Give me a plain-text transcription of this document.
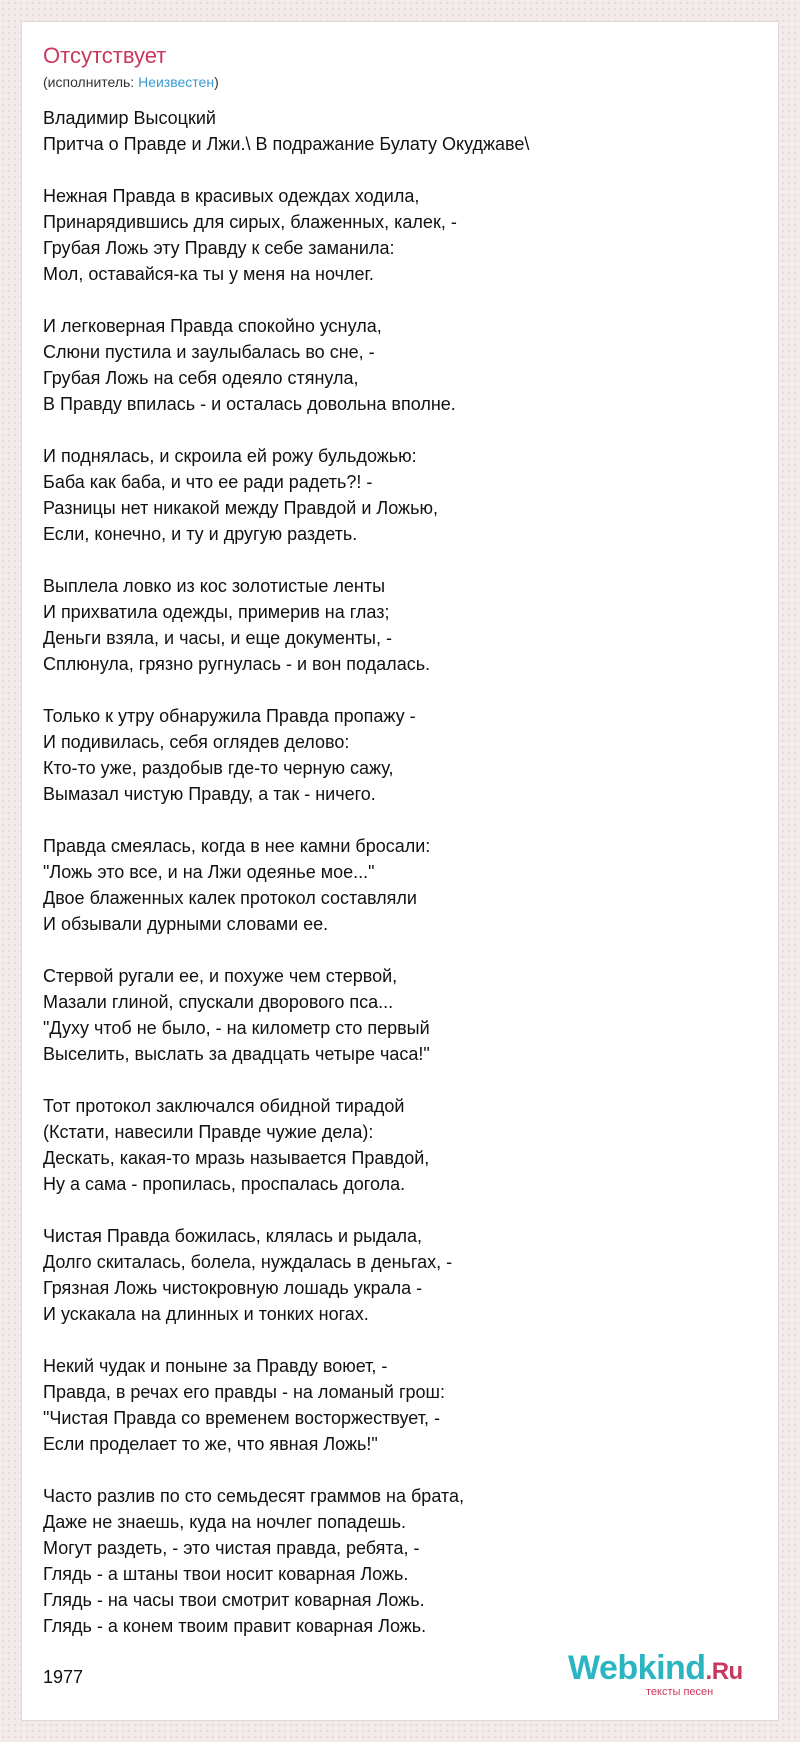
Отсутствует
(исполнитель: Неизвестен)
Владимир Высоцкий
Притча о Правде и Лжи.\ В подражание Булату Окуджаве\
Нежная Правда в красивых одеждах ходила,
Принарядившись для сирых, блаженных, калек, -
Грубая Ложь эту Правду к себе заманила:
Мол, оставайся-ка ты у меня на ночлег.
И легковерная Правда спокойно уснула,
Слюни пустила и заулыбалась во сне, -
Грубая Ложь на себя одеяло стянула,
В Правду впилась - и осталась довольна вполне.
И поднялась, и скроила ей рожу бульдожью:
Баба как баба, и что ее ради радеть?! -
Разницы нет никакой между Правдой и Ложью,
Если, конечно, и ту и другую раздеть.
Выплела ловко из кос золотистые ленты
И прихватила одежды, примерив на глаз;
Деньги взяла, и часы, и еще документы, -
Сплюнула, грязно ругнулась - и вон подалась.
Только к утру обнаружила Правда пропажу -
И подивилась, себя оглядев делово:
Кто-то уже, раздобыв где-то черную сажу,
Вымазал чистую Правду, а так - ничего.
Правда смеялась, когда в нее камни бросали:
"Ложь это все, и на Лжи одеянье мое..."
Двое блаженных калек протокол составляли
И обзывали дурными словами ее.
Стервой ругали ее, и похуже чем стервой,
Мазали глиной, спускали дворового пса...
"Духу чтоб не было, - на километр сто первый
Выселить, выслать за двадцать четыре часа!"
Тот протокол заключался обидной тирадой
(Кстати, навесили Правде чужие дела):
Дескать, какая-то мразь называется Правдой,
Ну а сама - пропилась, проспалась догола.
Чистая Правда божилась, клялась и рыдала,
Долго скиталась, болела, нуждалась в деньгах, -
Грязная Ложь чистокровную лошадь украла -
И ускакала на длинных и тонких ногах.
Некий чудак и поныне за Правду воюет, -
Правда, в речах его правды - на ломаный грош:
"Чистая Правда со временем восторжествует, -
Если проделает то же, что явная Ложь!"
Часто разлив по сто семьдесят граммов на брата,
Даже не знаешь, куда на ночлег попадешь.
Могут раздеть, - это чистая правда, ребята, -
Глядь - а штаны твои носит коварная Ложь.
Глядь - на часы твои смотрит коварная Ложь.
Глядь - а конем твоим правит коварная Ложь.
1977	Webkind.Ru
тексты песен
